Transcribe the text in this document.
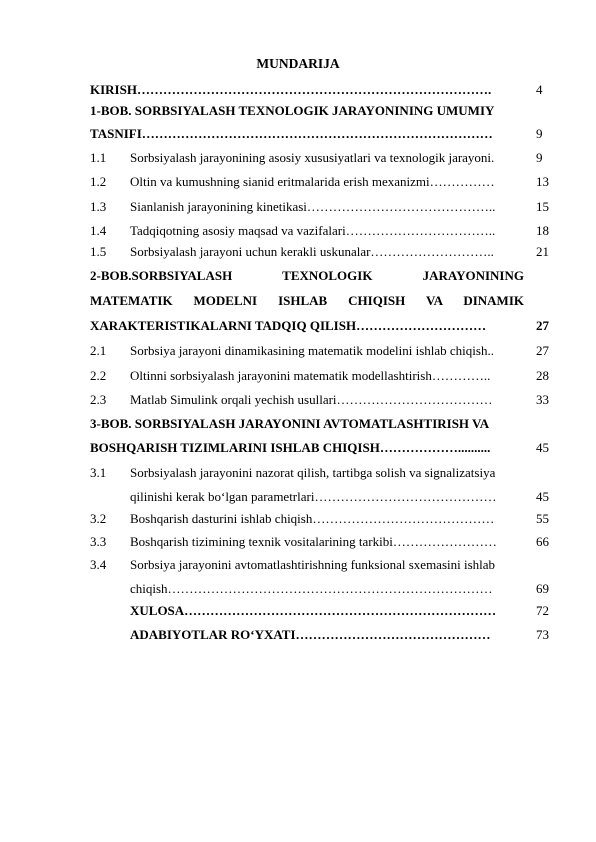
MUNDARIJA
KIRISH……………………………………………………………………….	4
1-BOB. SORBSIYALASH TEXNOLOGIK JARAYONINING UMUMIY
TASNIFI………………………………………………………………………	9
1.1 Sorbsiyalash jarayonining asosiy xususiyatlari va texnologik jarayoni.	9
1.2 Oltin va kumushning sianid eritmalarida erish mexanizmi……………	13
1.3 Sianlanish jarayonining kinetikasi……………………………………..	15
1.4 Tadqiqotning asosiy maqsad va vazifalari……………………………..	18
1.5 Sorbsiyalash jarayoni uchun kerakli uskunalar………………………..	21
2-BOB.SORBSIYALASH TEXNOLOGIK JARAYONINING
MATEMATIK MODELNI ISHLAB CHIQISH VA DINAMIK
XARAKTERISTIKALARNI TADQIQ QILISH…………………………	27
2.1 Sorbsiya jarayoni dinamikasining matematik modelini ishlab chiqish..	27
2.2 Oltinni sorbsiyalash jarayonini matematik modellashtirish…………..	28
2.3 Matlab Simulink orqali yechish usullari………………………………	33
3-BOB. SORBSIYALASH JARAYONINI AVTOMATLASHTIRISH VA
BOSHQARISH TIZIMLARINI ISHLAB CHIQISH………………..........	45
3.1 Sorbsiyalash jarayonini nazorat qilish, tartibga solish va signalizatsiya
qilinishi kerak bo‘lgan parametrlari……………………………………	45
3.2 Boshqarish dasturini ishlab chiqish……………………………………	55
3.3 Boshqarish tizimining texnik vositalarining tarkibi……………………	66
3.4 Sorbsiya jarayonini avtomatlashtirishning funksional sxemasini ishlab
chiqish…………………………………………………………………	69
XULOSA………………………………………………………………	72
ADABIYOTLAR RO‘YXATI………………………………………	73
